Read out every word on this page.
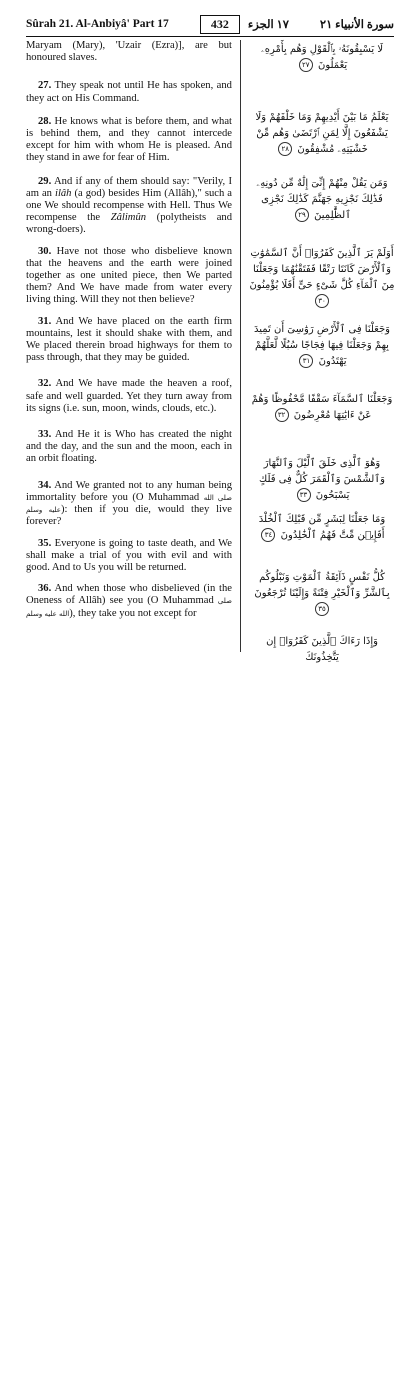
Sûrah 21. Al-Anbiyâ' Part 17	432	١٧ الجزء	سورة الأنبياء ٢١

Maryam (Mary), 'Uzair (Ezra)], are but honoured slaves.

27. They speak not until He has spoken, and they act on His Command.

28. He knows what is before them, and what is behind them, and they cannot intercede except for him with whom He is pleased. And they stand in awe for fear of Him.

29. And if any of them should say: "Verily, I am an ilâh (a god) besides Him (Allâh)," such a one We should recompense with Hell. Thus We recompense the Zâlimûn (polytheists and wrong-doers).

30. Have not those who disbelieve known that the heavens and the earth were joined together as one united piece, then We parted them? And We have made from water every living thing. Will they not then believe?

31. And We have placed on the earth firm mountains, lest it should shake with them, and We placed therein broad highways for them to pass through, that they may be guided.

32. And We have made the heaven a roof, safe and well guarded. Yet they turn away from its signs (i.e. sun, moon, winds, clouds, etc.).

33. And He it is Who has created the night and the day, and the sun and the moon, each in an orbit floating.

34. And We granted not to any human being immortality before you (O Muhammad صلى الله عليه وسلم): then if you die, would they live forever?

35. Everyone is going to taste death, and We shall make a trial of you with evil and with good. And to Us you will be returned.

36. And when those who disbelieved (in the Oneness of Allâh) see you (O Muhammad صلى الله عليه وسلم), they take you not except for

لَا يَسْبِقُونَهُۥ بِٱلْقَوْلِ وَهُم بِأَمْرِهِۦ يَعْمَلُونَ ٢٧
يَعْلَمُ مَا بَيْنَ أَيْدِيهِمْ وَمَا خَلْفَهُمْ وَلَا يَشْفَعُونَ إِلَّا لِمَنِ ٱرْتَضَىٰ وَهُم مِّنْ خَشْيَتِهِۦ مُشْفِقُونَ ٢٨
وَمَن يَقُلْ مِنْهُمْ إِنِّىٓ إِلَٰهٌ مِّن دُونِهِۦ فَذَٰلِكَ نَجْزِيهِ جَهَنَّمَ كَذَٰلِكَ نَجْزِى ٱلظَّٰلِمِينَ ٢٩
أَوَلَمْ يَرَ ٱلَّذِينَ كَفَرُوٓا۟ أَنَّ ٱلسَّمَٰوَٰتِ وَٱلْأَرْضَ كَانَتَا رَتْقًا فَفَتَقْنَٰهُمَا وَجَعَلْنَا مِنَ ٱلْمَآءِ كُلَّ شَىْءٍ حَىٍّ أَفَلَا يُؤْمِنُونَ ٣٠
وَجَعَلْنَا فِى ٱلْأَرْضِ رَوَٰسِىَ أَن تَمِيدَ بِهِمْ وَجَعَلْنَا فِيهَا فِجَاجًا سُبُلًا لَّعَلَّهُمْ يَهْتَدُونَ ٣١
وَجَعَلْنَا ٱلسَّمَآءَ سَقْفًا مَّحْفُوظًا وَهُمْ عَنْ ءَايَٰتِهَا مُعْرِضُونَ ٣٢
وَهُوَ ٱلَّذِى خَلَقَ ٱلَّيْلَ وَٱلنَّهَارَ وَٱلشَّمْسَ وَٱلْقَمَرَ كُلٌّ فِى فَلَكٍ يَسْبَحُونَ ٣٣
وَمَا جَعَلْنَا لِبَشَرٍ مِّن قَبْلِكَ ٱلْخُلْدَ أَفَإِي۟ن مِّتَّ فَهُمُ ٱلْخَٰلِدُونَ ٣٤
كُلُّ نَفْسٍ ذَآئِقَةُ ٱلْمَوْتِ وَنَبْلُوكُم بِٱلشَّرِّ وَٱلْخَيْرِ فِتْنَةً وَإِلَيْنَا تُرْجَعُونَ ٣٥
وَإِذَا رَءَاكَ ٱلَّذِينَ كَفَرُوٓا۟ إِن يَتَّخِذُونَكَ
